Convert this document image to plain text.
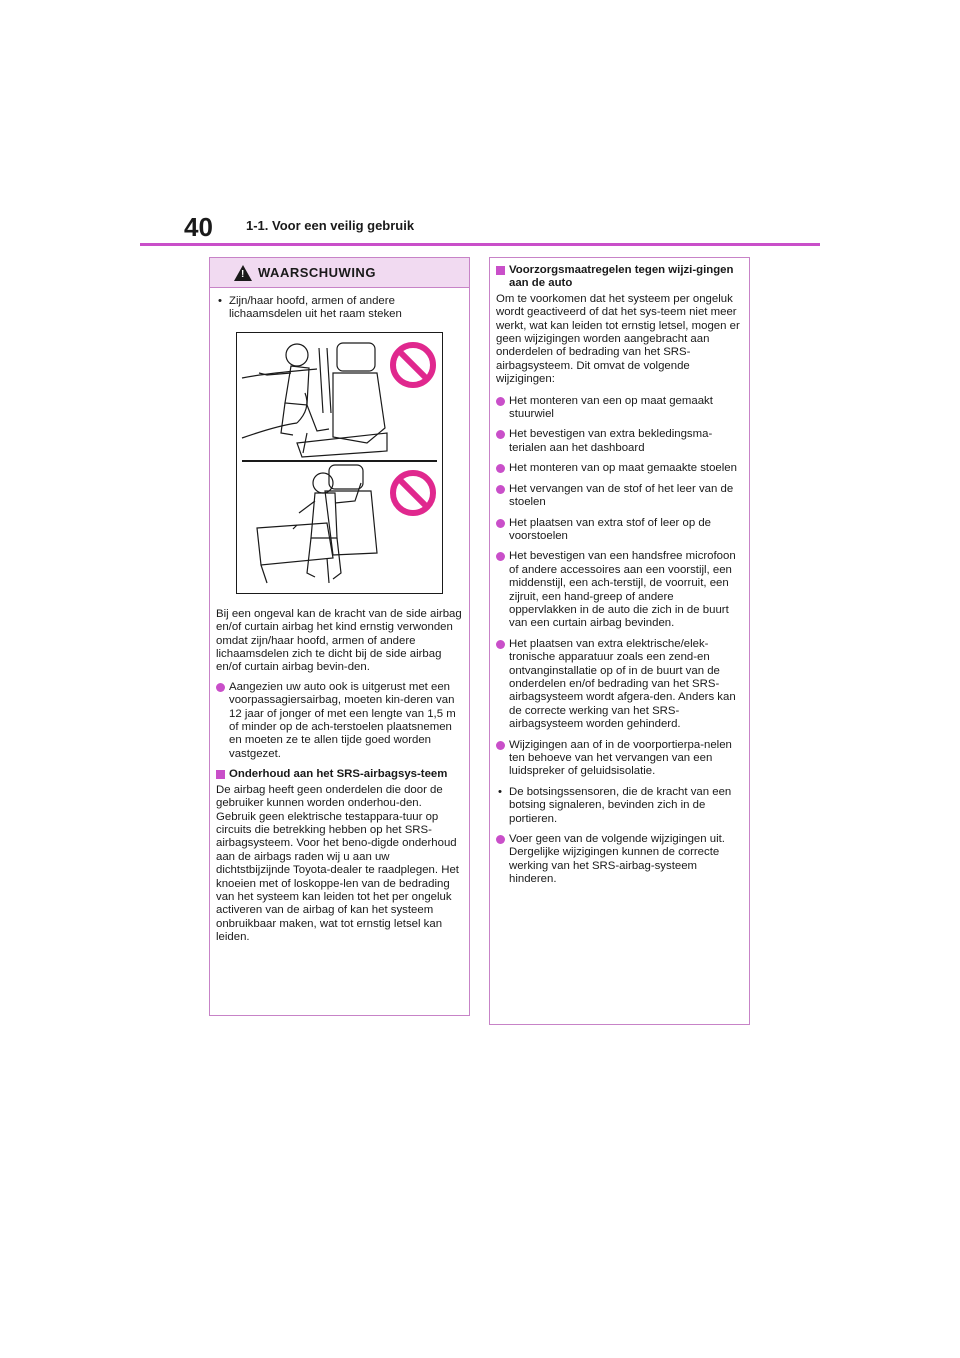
40	1-1. Voor een veilig gebruik
! WAARSCHUWING
• Zijn/haar hoofd, armen of andere lichaamsdelen uit het raam steken

Bij een ongeval kan de kracht van de side airbag en/of curtain airbag het kind ernstig verwonden omdat zijn/haar hoofd, armen of andere lichaamsdelen zich te dicht bij de side airbag en/of curtain airbag bevin-den.

Aangezien uw auto ook is uitgerust met een voorpassagiersairbag, moeten kin-deren van 12 jaar of jonger of met een lengte van 1,5 m of minder op de ach-terstoelen plaatsnemen en moeten ze te allen tijde goed worden vastgezet.
Onderhoud aan het SRS-airbagsys-teem

De airbag heeft geen onderdelen die door de gebruiker kunnen worden onderhou-den. Gebruik geen elektrische testappara-tuur op circuits die betrekking hebben op het SRS-airbagsysteem. Voor het beno-digde onderhoud aan de airbags raden wij u aan uw dichtstbijzijnde Toyota-dealer te raadplegen. Het knoeien met of loskoppe-len van de bedrading van het systeem kan leiden tot het per ongeluk activeren van de airbag of kan het systeem onbruikbaar maken, wat tot ernstig letsel kan leiden.

Voorzorgsmaatregelen tegen wijzi-gingen aan de auto

Om te voorkomen dat het systeem per ongeluk wordt geactiveerd of dat het sys-teem niet meer werkt, wat kan leiden tot ernstig letsel, mogen er geen wijzigingen worden aangebracht aan onderdelen of bedrading van het SRS-airbagsysteem. Dit omvat de volgende wijzigingen:

Het monteren van een op maat gemaakt stuurwiel
Het bevestigen van extra bekledingsma-terialen aan het dashboard
Het monteren van op maat gemaakte stoelen
Het vervangen van de stof of het leer van de stoelen
Het plaatsen van extra stof of leer op de voorstoelen
Het bevestigen van een handsfree microfoon of andere accessoires aan een voorstijl, een middenstijl, een ach-terstijl, de voorruit, een zijruit, een hand-greep of andere oppervlakken in de auto die zich in de buurt van een curtain airbag bevinden.
Het plaatsen van extra elektrische/elek-tronische apparatuur zoals een zend-en ontvanginstallatie op of in de buurt van de onderdelen en/of bedrading van het SRS-airbagsysteem wordt afgera-den. Anders kan de correcte werking van het SRS-airbagsysteem worden gehinderd.
Wijzigingen aan of in de voorportierpa-nelen ten behoeve van het vervangen van een luidspreker of geluidsisolatie.
• De botsingssensoren, die de kracht van een botsing signaleren, bevinden zich in de portieren.
Voer geen van de volgende wijzigingen uit. Dergelijke wijzigingen kunnen de correcte werking van het SRS-airbag-systeem hinderen.
